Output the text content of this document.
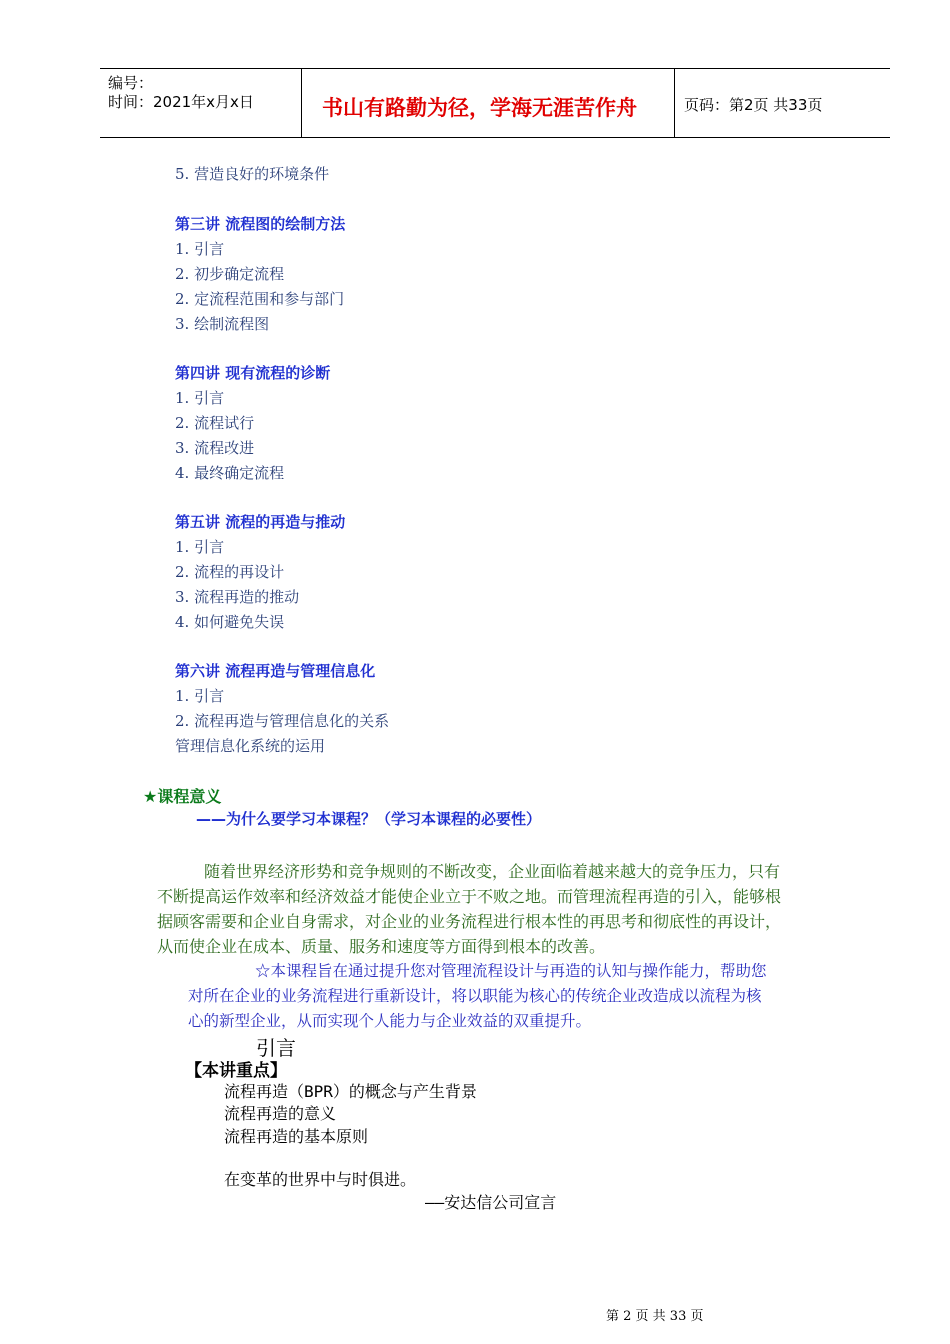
编号：
时间：2021年x月x日	书山有路勤为径，学海无涯苦作舟	页码：第2页 共33页
5. 营造良好的环境条件
第三讲 流程图的绘制方法
1. 引言
2. 初步确定流程
2. 定流程范围和参与部门
3. 绘制流程图
第四讲 现有流程的诊断
1. 引言
2. 流程试行
3. 流程改进
4. 最终确定流程
第五讲 流程的再造与推动
1. 引言
2. 流程的再设计
3. 流程再造的推动
4. 如何避免失误
第六讲 流程再造与管理信息化
1. 引言
2. 流程再造与管理信息化的关系
管理信息化系统的运用
★课程意义
——为什么要学习本课程？（学习本课程的必要性）
随着世界经济形势和竞争规则的不断改变，企业面临着越来越大的竞争压力，只有
不断提高运作效率和经济效益才能使企业立于不败之地。而管理流程再造的引入，能够根
据顾客需要和企业自身需求，对企业的业务流程进行根本性的再思考和彻底性的再设计，
从而使企业在成本、质量、服务和速度等方面得到根本的改善。
☆本课程旨在通过提升您对管理流程设计与再造的认知与操作能力，帮助您
对所在企业的业务流程进行重新设计，将以职能为核心的传统企业改造成以流程为核
心的新型企业，从而实现个人能力与企业效益的双重提升。
引言
【本讲重点】
流程再造（BPR）的概念与产生背景
流程再造的意义
流程再造的基本原则
在变革的世界中与时俱进。
——安达信公司宣言
第 2 页 共 33 页
